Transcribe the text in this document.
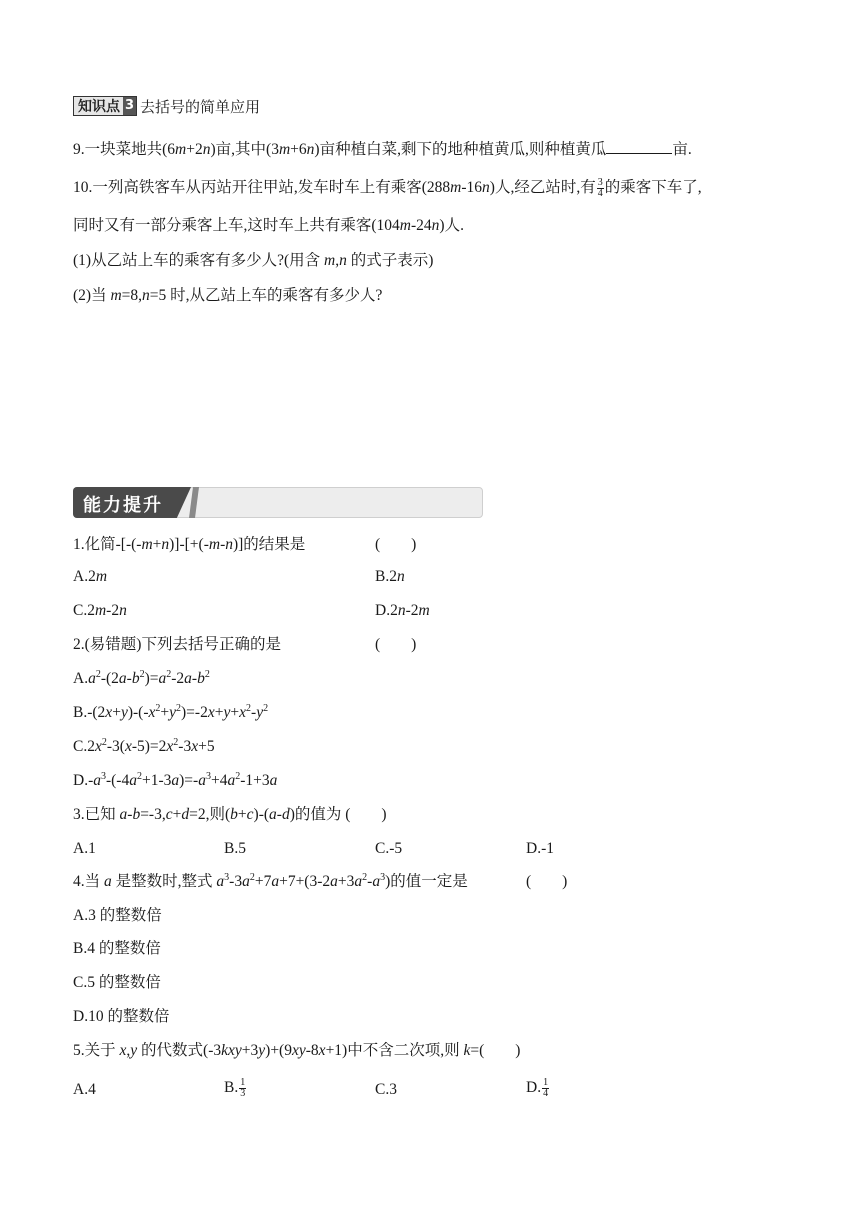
知识点 3 去括号的简单应用
9.一块菜地共(6m+2n)亩,其中(3m+6n)亩种植白菜,剩下的地种植黄瓜,则种植黄瓜	亩.
10.一列高铁客车从丙站开往甲站,发车时车上有乘客(288m-16n)人,经乙站时,有 $\frac{3}{4}$ 的乘客下车了,
同时又有一部分乘客上车,这时车上共有乘客(104m-24n)人.
(1)从乙站上车的乘客有多少人?(用含 m,n 的式子表示)
(2)当 m=8,n=5 时,从乙站上车的乘客有多少人?
能力提升
1.化简-[-(-m+n)]-[+(-m-n)]的结果是	(        )
A.2m	B.2n
C.2m-2n	D.2n-2m
2.(易错题)下列去括号正确的是	(        )
$A.a^2-(2a-b^2)=a^2-2a-b^2$
$B.-(2x+y)-(-x^2+y^2)=-2x+y+x^2-y^2$
$C.2x^2-3(x-5)=2x^2-3x+5$
$D.-a^3-(-4a^2+1-3a)=-a^3+4a^2-1+3a$
3.已知 a-b=-3,c+d=2,则(b+c)-(a-d)的值为 (        )
A.1	B.5	C.-5	D.-1
4.当 a 是整数时,整式 $a^3-3a^2+7a+7+(3-2a+3a^2-a^3)$的值一定是	(        )
A.3 的整数倍
B.4 的整数倍
C.5 的整数倍
D.10 的整数倍
5.关于 x,y 的代数式(-3kxy+3y)+(9xy-8x+1)中不含二次项,则 k=(        )
A.4	B. $\frac{1}{3}$	C.3	D. $\frac{1}{4}$
